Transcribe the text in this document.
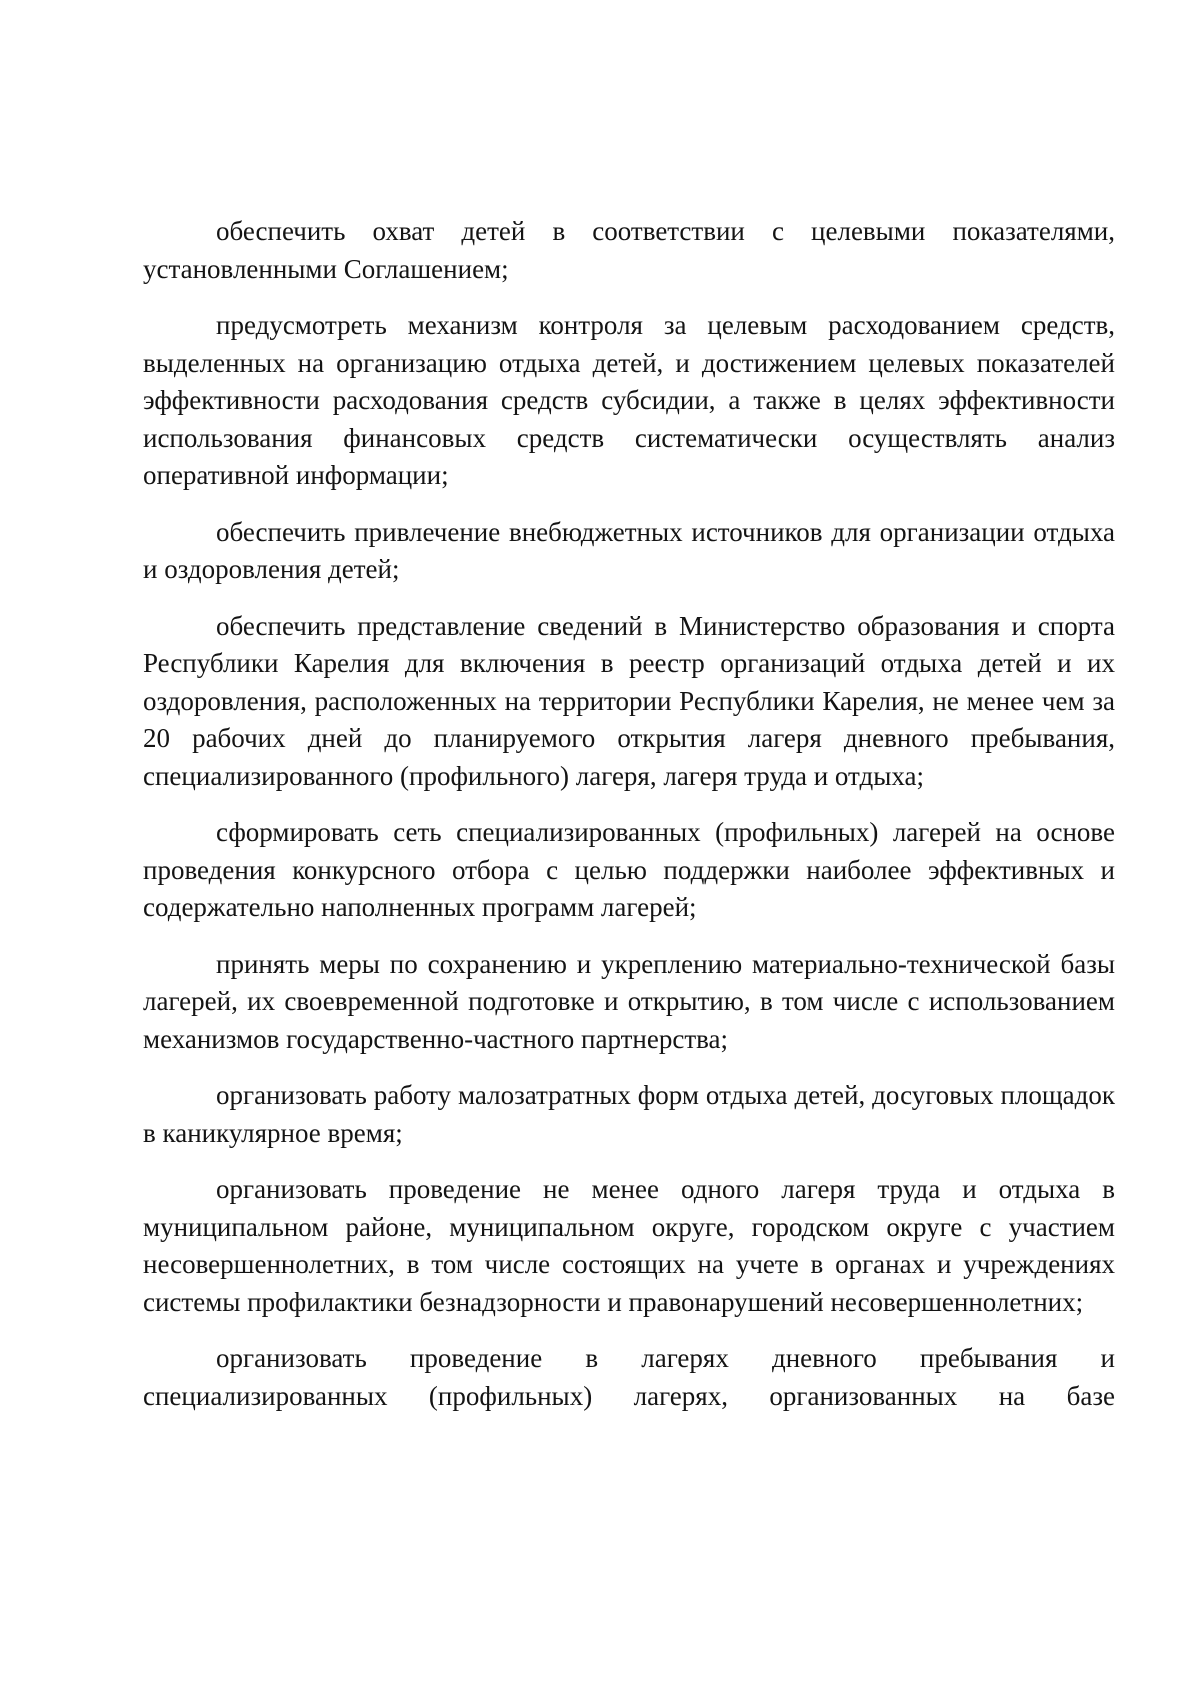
обеспечить охват детей в соответствии с целевыми показателями, установленными Соглашением;

предусмотреть механизм контроля за целевым расходованием средств, выделенных на организацию отдыха детей, и достижением целевых показателей эффективности расходования средств субсидии, а также в целях эффективности использования финансовых средств систематически осуществлять анализ оперативной информации;

обеспечить привлечение внебюджетных источников для организации отдыха и оздоровления детей;

обеспечить представление сведений в Министерство образования и спорта Республики Карелия для включения в реестр организаций отдыха детей и их оздоровления, расположенных на территории Республики Карелия, не менее чем за 20 рабочих дней до планируемого открытия лагеря дневного пребывания, специализированного (профильного) лагеря, лагеря труда и отдыха;

сформировать сеть специализированных (профильных) лагерей на основе проведения конкурсного отбора с целью поддержки наиболее эффективных и содержательно наполненных программ лагерей;

принять меры по сохранению и укреплению материально-технической базы лагерей, их своевременной подготовке и открытию, в том числе с использованием механизмов государственно-частного партнерства;

организовать работу малозатратных форм отдыха детей, досуговых площадок в каникулярное время;

организовать проведение не менее одного лагеря труда и отдыха в муниципальном районе, муниципальном округе, городском округе с участием несовершеннолетних, в том числе состоящих на учете в органах и учреждениях системы профилактики безнадзорности и правонарушений несовершеннолетних;

организовать проведение в лагерях дневного пребывания и специализированных (профильных) лагерях, организованных на базе
